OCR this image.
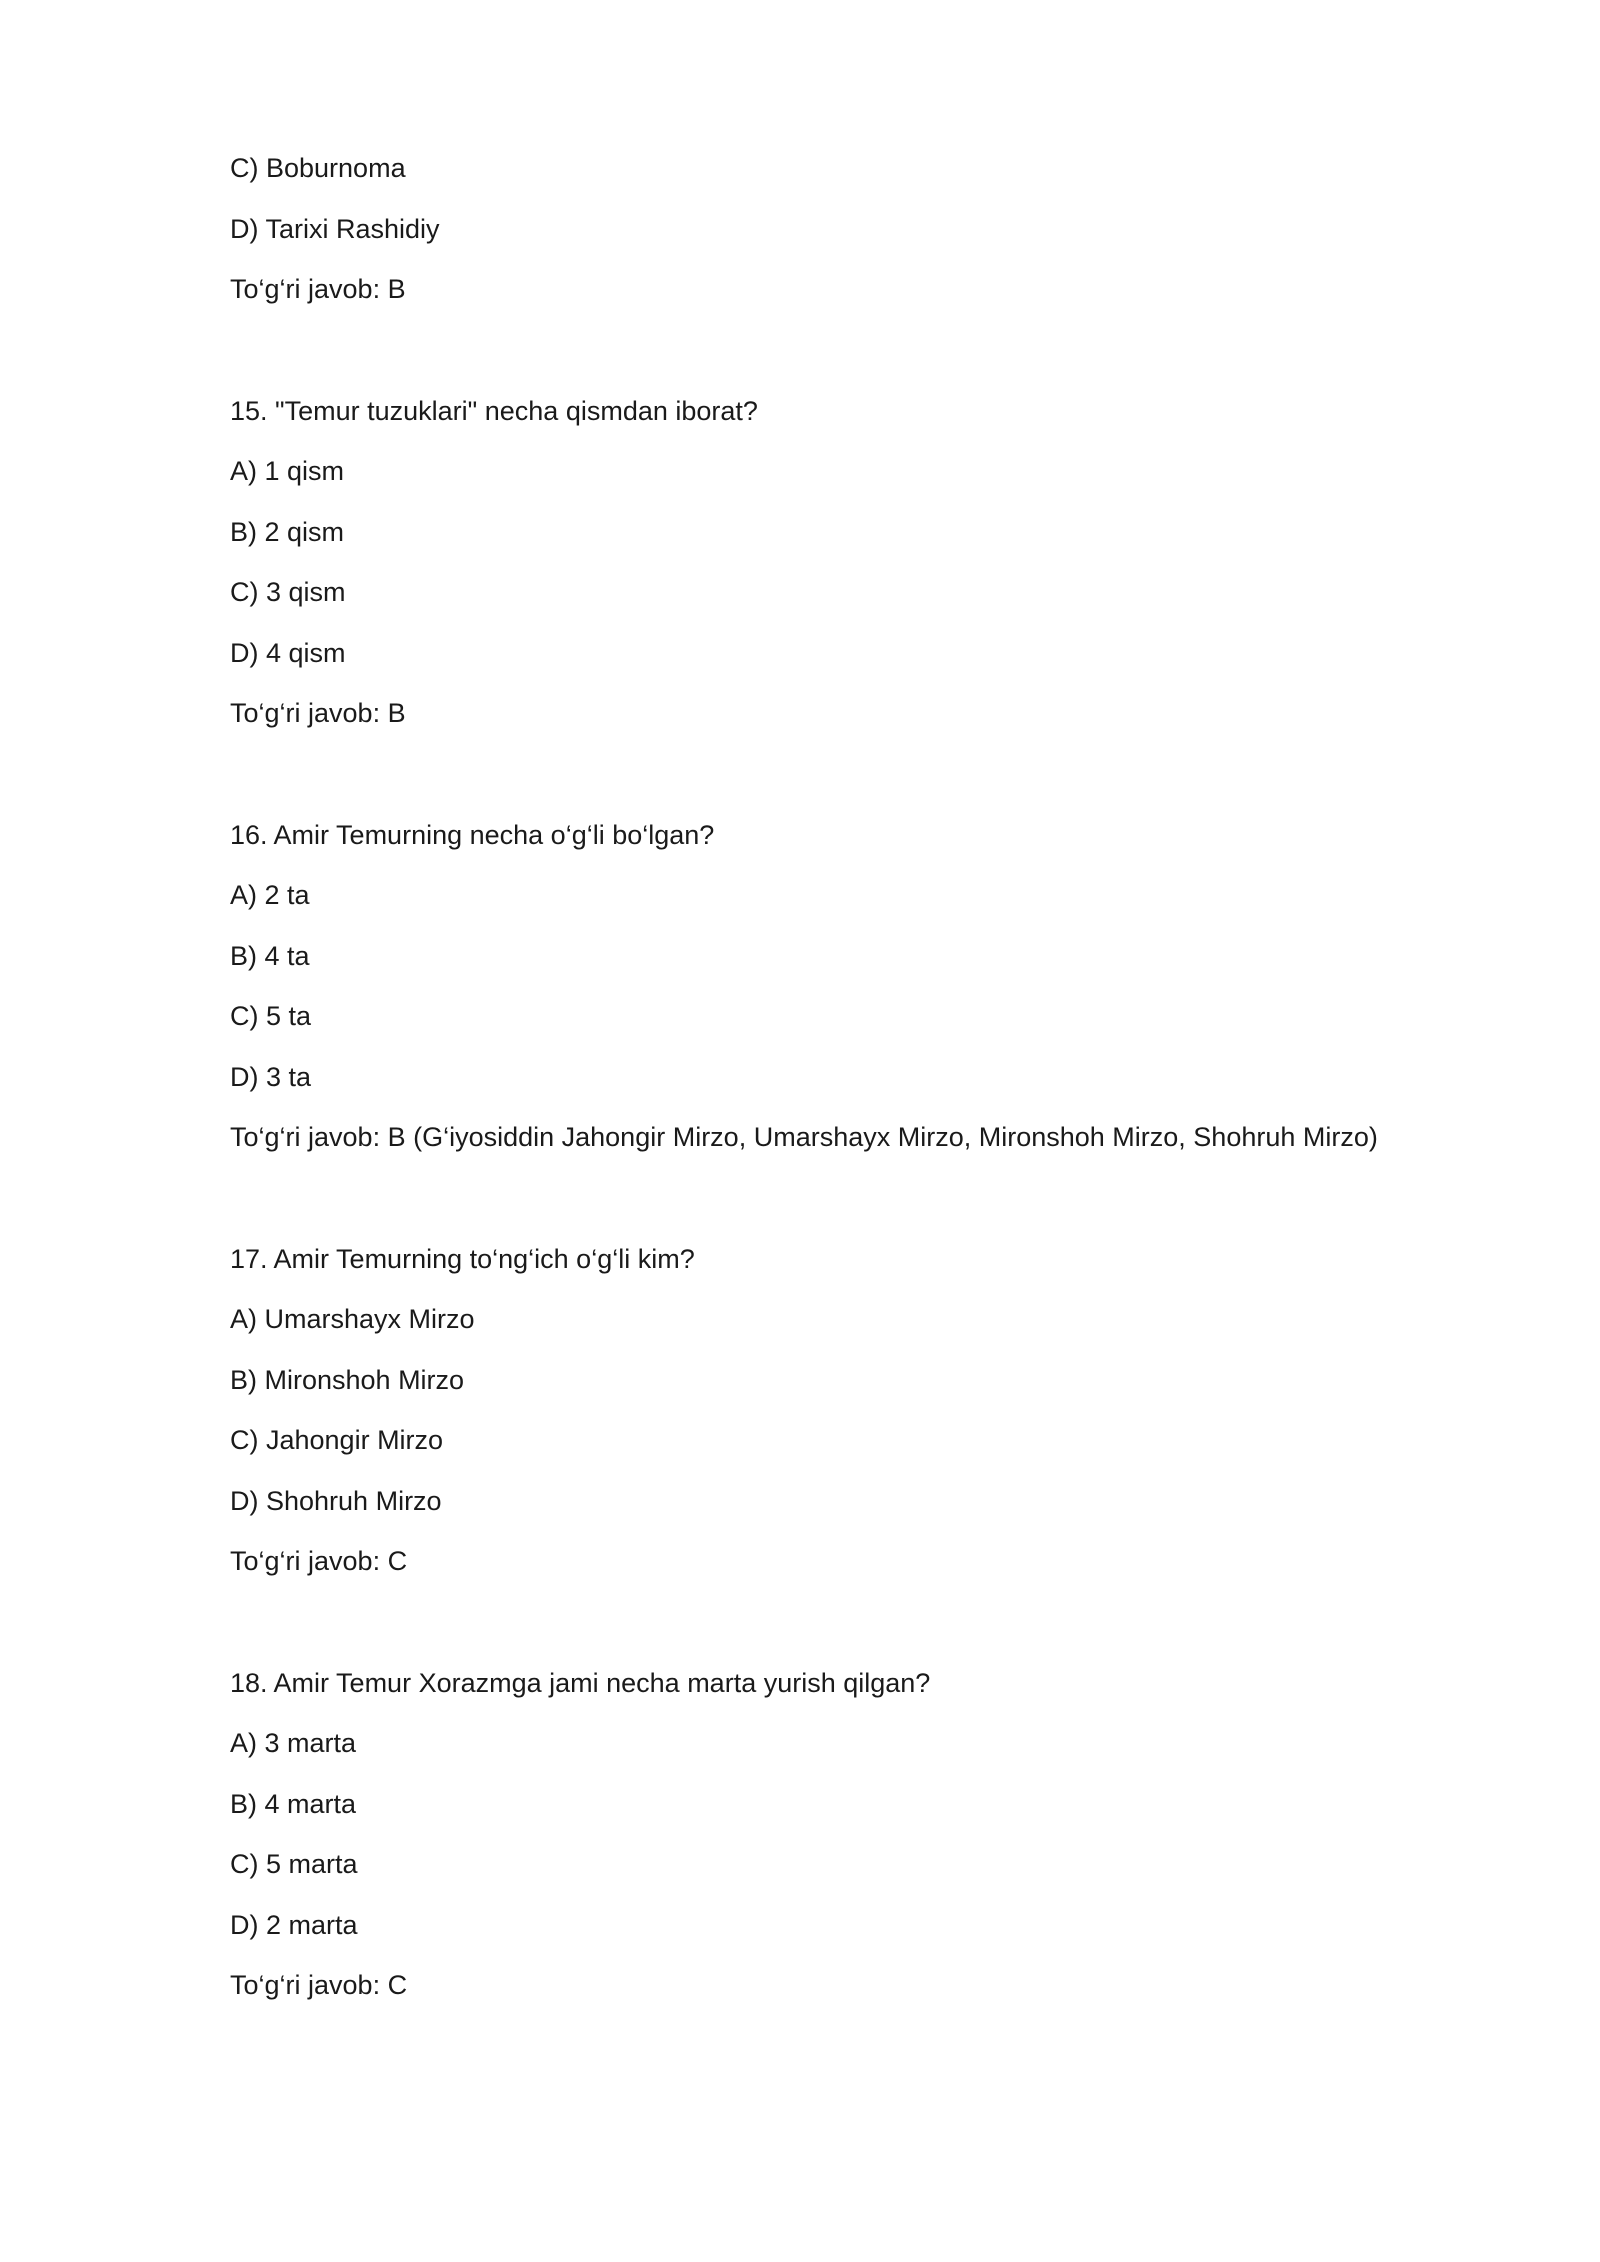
C) Boburnoma
D) Tarixi Rashidiy
To‘g‘ri javob: B
15. "Temur tuzuklari" necha qismdan iborat?
A) 1 qism
B) 2 qism
C) 3 qism
D) 4 qism
To‘g‘ri javob: B
16. Amir Temurning necha o‘g‘li bo‘lgan?
A) 2 ta
B) 4 ta
C) 5 ta
D) 3 ta
To‘g‘ri javob: B (G‘iyosiddin Jahongir Mirzo, Umarshayx Mirzo, Mironshoh Mirzo, Shohruh Mirzo)
17. Amir Temurning to‘ng‘ich o‘g‘li kim?
A) Umarshayx Mirzo
B) Mironshoh Mirzo
C) Jahongir Mirzo
D) Shohruh Mirzo
To‘g‘ri javob: C
18. Amir Temur Xorazmga jami necha marta yurish qilgan?
A) 3 marta
B) 4 marta
C) 5 marta
D) 2 marta
To‘g‘ri javob: C
